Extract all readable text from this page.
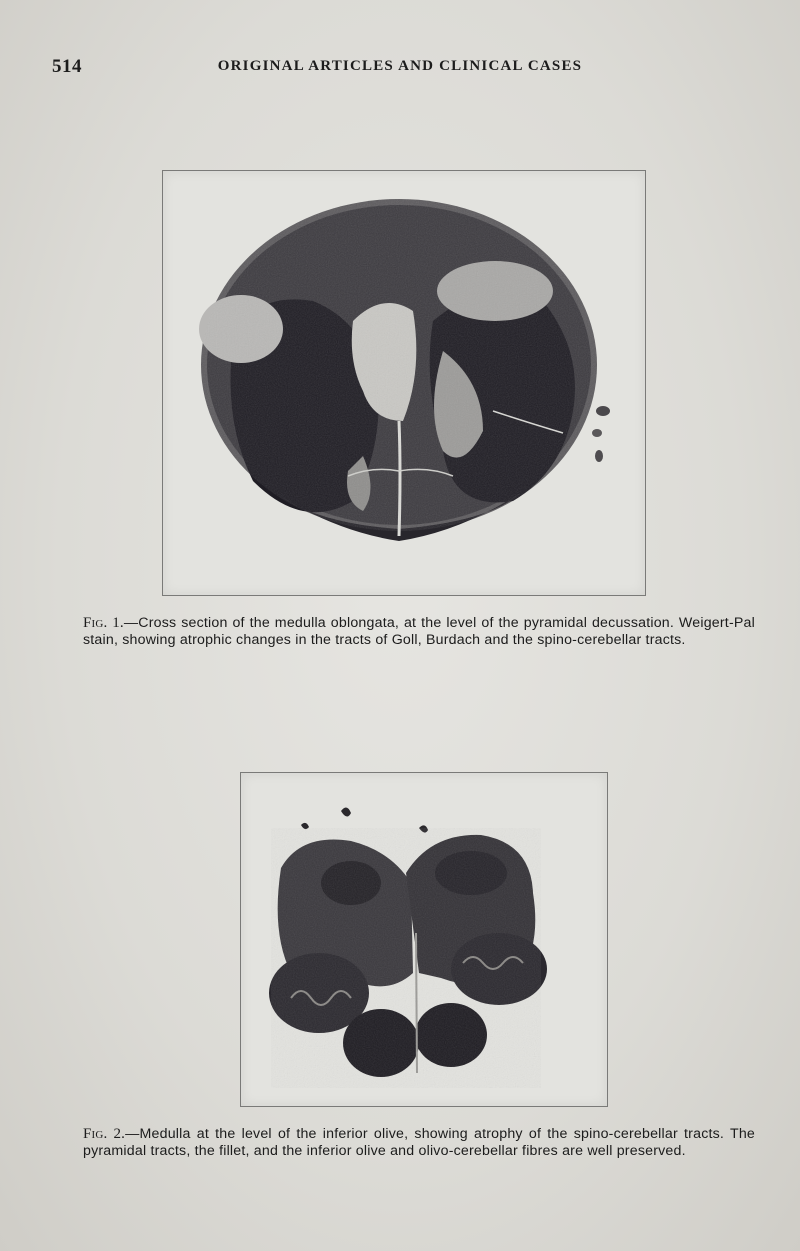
514	ORIGINAL ARTICLES AND CLINICAL CASES
Fig. 1.—Cross section of the medulla oblongata, at the level of the pyramidal decussation. Weigert-Pal stain, showing atrophic changes in the tracts of Goll, Burdach and the spino-cerebellar tracts.
Fig. 2.—Medulla at the level of the inferior olive, showing atrophy of the spino-cerebellar tracts. The pyramidal tracts, the fillet, and the inferior olive and olivo-cerebellar fibres are well preserved.
